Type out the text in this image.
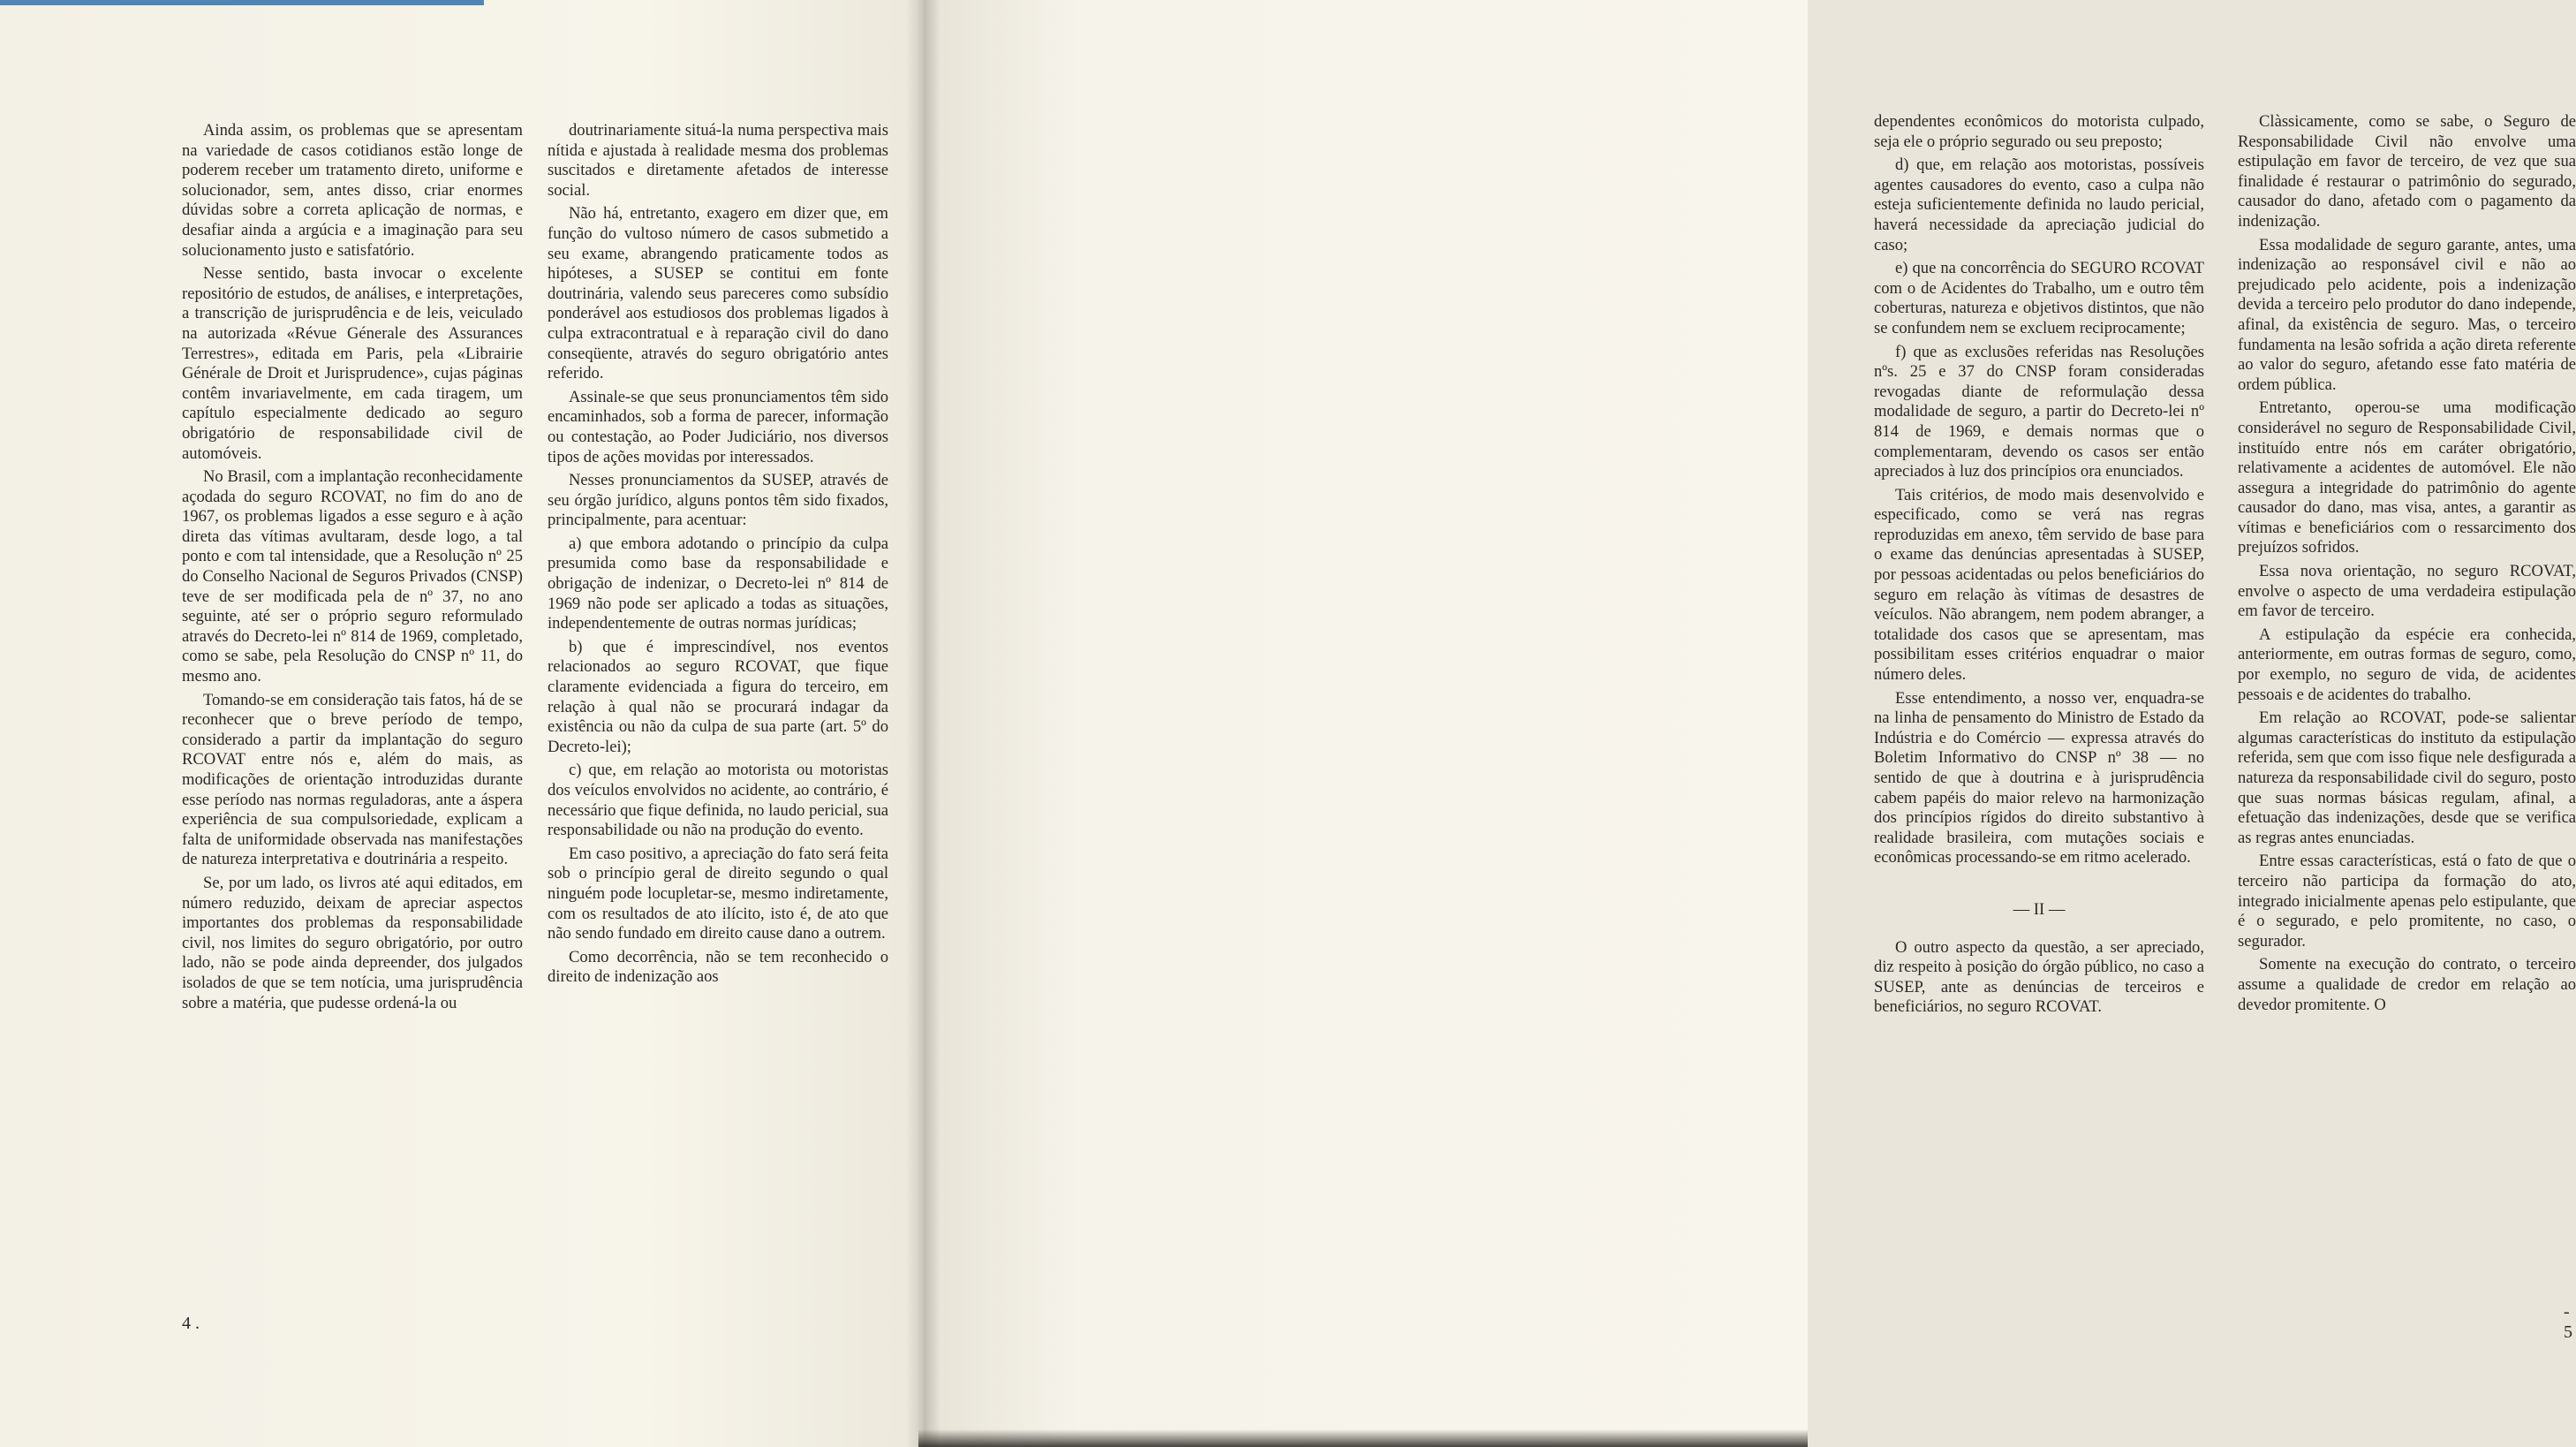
Ainda assim, os problemas que se apresentam na variedade de casos cotidianos estão longe de poderem receber um tratamento direto, uniforme e solucionador, sem, antes disso, criar enormes dúvidas sobre a correta aplicação de normas, e desafiar ainda a argúcia e a imaginação para seu solucionamento justo e satisfatório.

Nesse sentido, basta invocar o excelente repositório de estudos, de análises, e interpretações, a transcrição de jurisprudência e de leis, veiculado na autorizada «Révue Génerale des Assurances Terrestres», editada em Paris, pela «Librairie Générale de Droit et Jurisprudence», cujas páginas contêm invariavelmente, em cada tiragem, um capítulo especialmente dedicado ao seguro obrigatório de responsabilidade civil de automóveis.

No Brasil, com a implantação reconhecidamente açodada do seguro RCOVAT, no fim do ano de 1967, os problemas ligados a esse seguro e à ação direta das vítimas avultaram, desde logo, a tal ponto e com tal intensidade, que a Resolução nº 25 do Conselho Nacional de Seguros Privados (CNSP) teve de ser modificada pela de nº 37, no ano seguinte, até ser o próprio seguro reformulado através do Decreto-lei nº 814 de 1969, completado, como se sabe, pela Resolução do CNSP nº 11, do mesmo ano.

Tomando-se em consideração tais fatos, há de se reconhecer que o breve período de tempo, considerado a partir da implantação do seguro RCOVAT entre nós e, além do mais, as modificações de orientação introduzidas durante esse período nas normas reguladoras, ante a áspera experiência de sua compulsoriedade, explicam a falta de uniformidade observada nas manifestações de natureza interpretativa e doutrinária a respeito.

Se, por um lado, os livros até aqui editados, em número reduzido, deixam de apreciar aspectos importantes dos problemas da responsabilidade civil, nos limites do seguro obrigatório, por outro lado, não se pode ainda depreender, dos julgados isolados de que se tem notícia, uma jurisprudência sobre a matéria, que pudesse ordená-la ou

doutrinariamente situá-la numa perspectiva mais nítida e ajustada à realidade mesma dos problemas suscitados e diretamente afetados de interesse social.

Não há, entretanto, exagero em dizer que, em função do vultoso número de casos submetido a seu exame, abrangendo praticamente todos as hipóteses, a SUSEP se contitui em fonte doutrinária, valendo seus pareceres como subsídio ponderável aos estudiosos dos problemas ligados à culpa extracontratual e à reparação civil do dano conseqüente, através do seguro obrigatório antes referido.

Assinale-se que seus pronunciamentos têm sido encaminhados, sob a forma de parecer, informação ou contestação, ao Poder Judiciário, nos diversos tipos de ações movidas por interessados.

Nesses pronunciamentos da SUSEP, através de seu órgão jurídico, alguns pontos têm sido fixados, principalmente, para acentuar:

a) que embora adotando o princípio da culpa presumida como base da responsabilidade e obrigação de indenizar, o Decreto-lei nº 814 de 1969 não pode ser aplicado a todas as situações, independentemente de outras normas jurídicas;

b) que é imprescindível, nos eventos relacionados ao seguro RCOVAT, que fique claramente evidenciada a figura do terceiro, em relação à qual não se procurará indagar da existência ou não da culpa de sua parte (art. 5º do Decreto-lei);

c) que, em relação ao motorista ou motoristas dos veículos envolvidos no acidente, ao contrário, é necessário que fique definida, no laudo pericial, sua responsabilidade ou não na produção do evento.

Em caso positivo, a apreciação do fato será feita sob o princípio geral de direito segundo o qual ninguém pode locupletar-se, mesmo indiretamente, com os resultados de ato ilícito, isto é, de ato que não sendo fundado em direito cause dano a outrem.

Como decorrência, não se tem reconhecido o direito de indenização aos

4 .

dependentes econômicos do motorista culpado, seja ele o próprio segurado ou seu preposto;

d) que, em relação aos motoristas, possíveis agentes causadores do evento, caso a culpa não esteja suficientemente definida no laudo pericial, haverá necessidade da apreciação judicial do caso;

e) que na concorrência do SEGURO RCOVAT com o de Acidentes do Trabalho, um e outro têm coberturas, natureza e objetivos distintos, que não se confundem nem se excluem reciprocamente;

f) que as exclusões referidas nas Resoluções nºs. 25 e 37 do CNSP foram consideradas revogadas diante de reformulação dessa modalidade de seguro, a partir do Decreto-lei nº 814 de 1969, e demais normas que o complementaram, devendo os casos ser então apreciados à luz dos princípios ora enunciados.

Tais critérios, de modo mais desenvolvido e especificado, como se verá nas regras reproduzidas em anexo, têm servido de base para o exame das denúncias apresentadas à SUSEP, por pessoas acidentadas ou pelos beneficiários do seguro em relação às vítimas de desastres de veículos. Não abrangem, nem podem abranger, a totalidade dos casos que se apresentam, mas possibilitam esses critérios enquadrar o maior número deles.

Esse entendimento, a nosso ver, enquadra-se na linha de pensamento do Ministro de Estado da Indústria e do Comércio — expressa através do Boletim Informativo do CNSP nº 38 — no sentido de que à doutrina e à jurisprudência cabem papéis do maior relevo na harmonização dos princípios rígidos do direito substantivo à realidade brasileira, com mutações sociais e econômicas processando-se em ritmo acelerado.

— II —

O outro aspecto da questão, a ser apreciado, diz respeito à posição do órgão público, no caso a SUSEP, ante as denúncias de terceiros e beneficiários, no seguro RCOVAT.

Clàssicamente, como se sabe, o Seguro de Responsabilidade Civil não envolve uma estipulação em favor de terceiro, de vez que sua finalidade é restaurar o patrimônio do segurado, causador do dano, afetado com o pagamento da indenização.

Essa modalidade de seguro garante, antes, uma indenização ao responsável civil e não ao prejudicado pelo acidente, pois a indenização devida a terceiro pelo produtor do dano independe, afinal, da existência de seguro. Mas, o terceiro fundamenta na lesão sofrida a ação direta referente ao valor do seguro, afetando esse fato matéria de ordem pública.

Entretanto, operou-se uma modificação considerável no seguro de Responsabilidade Civil, instituído entre nós em caráter obrigatório, relativamente a acidentes de automóvel. Ele não assegura a integridade do patrimônio do agente causador do dano, mas visa, antes, a garantir as vítimas e beneficiários com o ressarcimento dos prejuízos sofridos.

Essa nova orientação, no seguro RCOVAT, envolve o aspecto de uma verdadeira estipulação em favor de terceiro.

A estipulação da espécie era conhecida, anteriormente, em outras formas de seguro, como, por exemplo, no seguro de vida, de acidentes pessoais e de acidentes do trabalho.

Em relação ao RCOVAT, pode-se salientar algumas características do instituto da estipulação referida, sem que com isso fique nele desfigurada a natureza da responsabilidade civil do seguro, posto que suas normas básicas regulam, afinal, a efetuação das indenizações, desde que se verifica as regras antes enunciadas.

Entre essas características, está o fato de que o terceiro não participa da formação do ato, integrado inicialmente apenas pelo estipulante, que é o segurado, e pelo promitente, no caso, o segurador.

Somente na execução do contrato, o terceiro assume a qualidade de credor em relação ao devedor promitente. O

- 5
